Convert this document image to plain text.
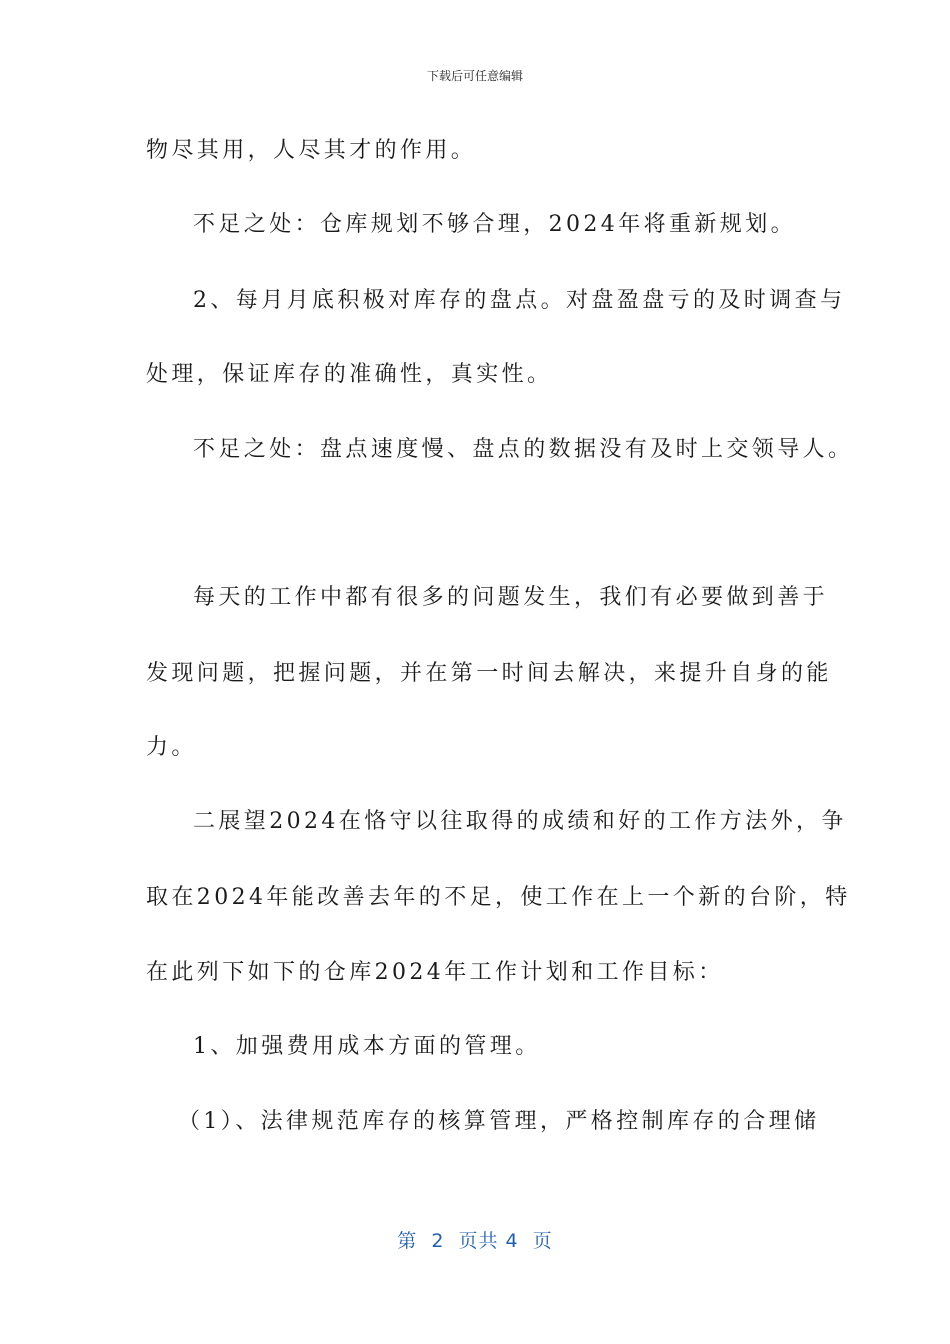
下载后可任意编辑
物尽其用，人尽其才的作用。
不足之处：仓库规划不够合理，2024年将重新规划。
2、每月月底积极对库存的盘点。对盘盈盘亏的及时调查与
处理，保证库存的准确性，真实性。
不足之处：盘点速度慢、盘点的数据没有及时上交领导人。
每天的工作中都有很多的问题发生，我们有必要做到善于
发现问题，把握问题，并在第一时间去解决，来提升自身的能
力。
二展望2024在恪守以往取得的成绩和好的工作方法外，争
取在2024年能改善去年的不足，使工作在上一个新的台阶，特
在此列下如下的仓库2024年工作计划和工作目标：
1、加强费用成本方面的管理。
（1）、法律规范库存的核算管理，严格控制库存的合理储
第  2  页共 4  页
